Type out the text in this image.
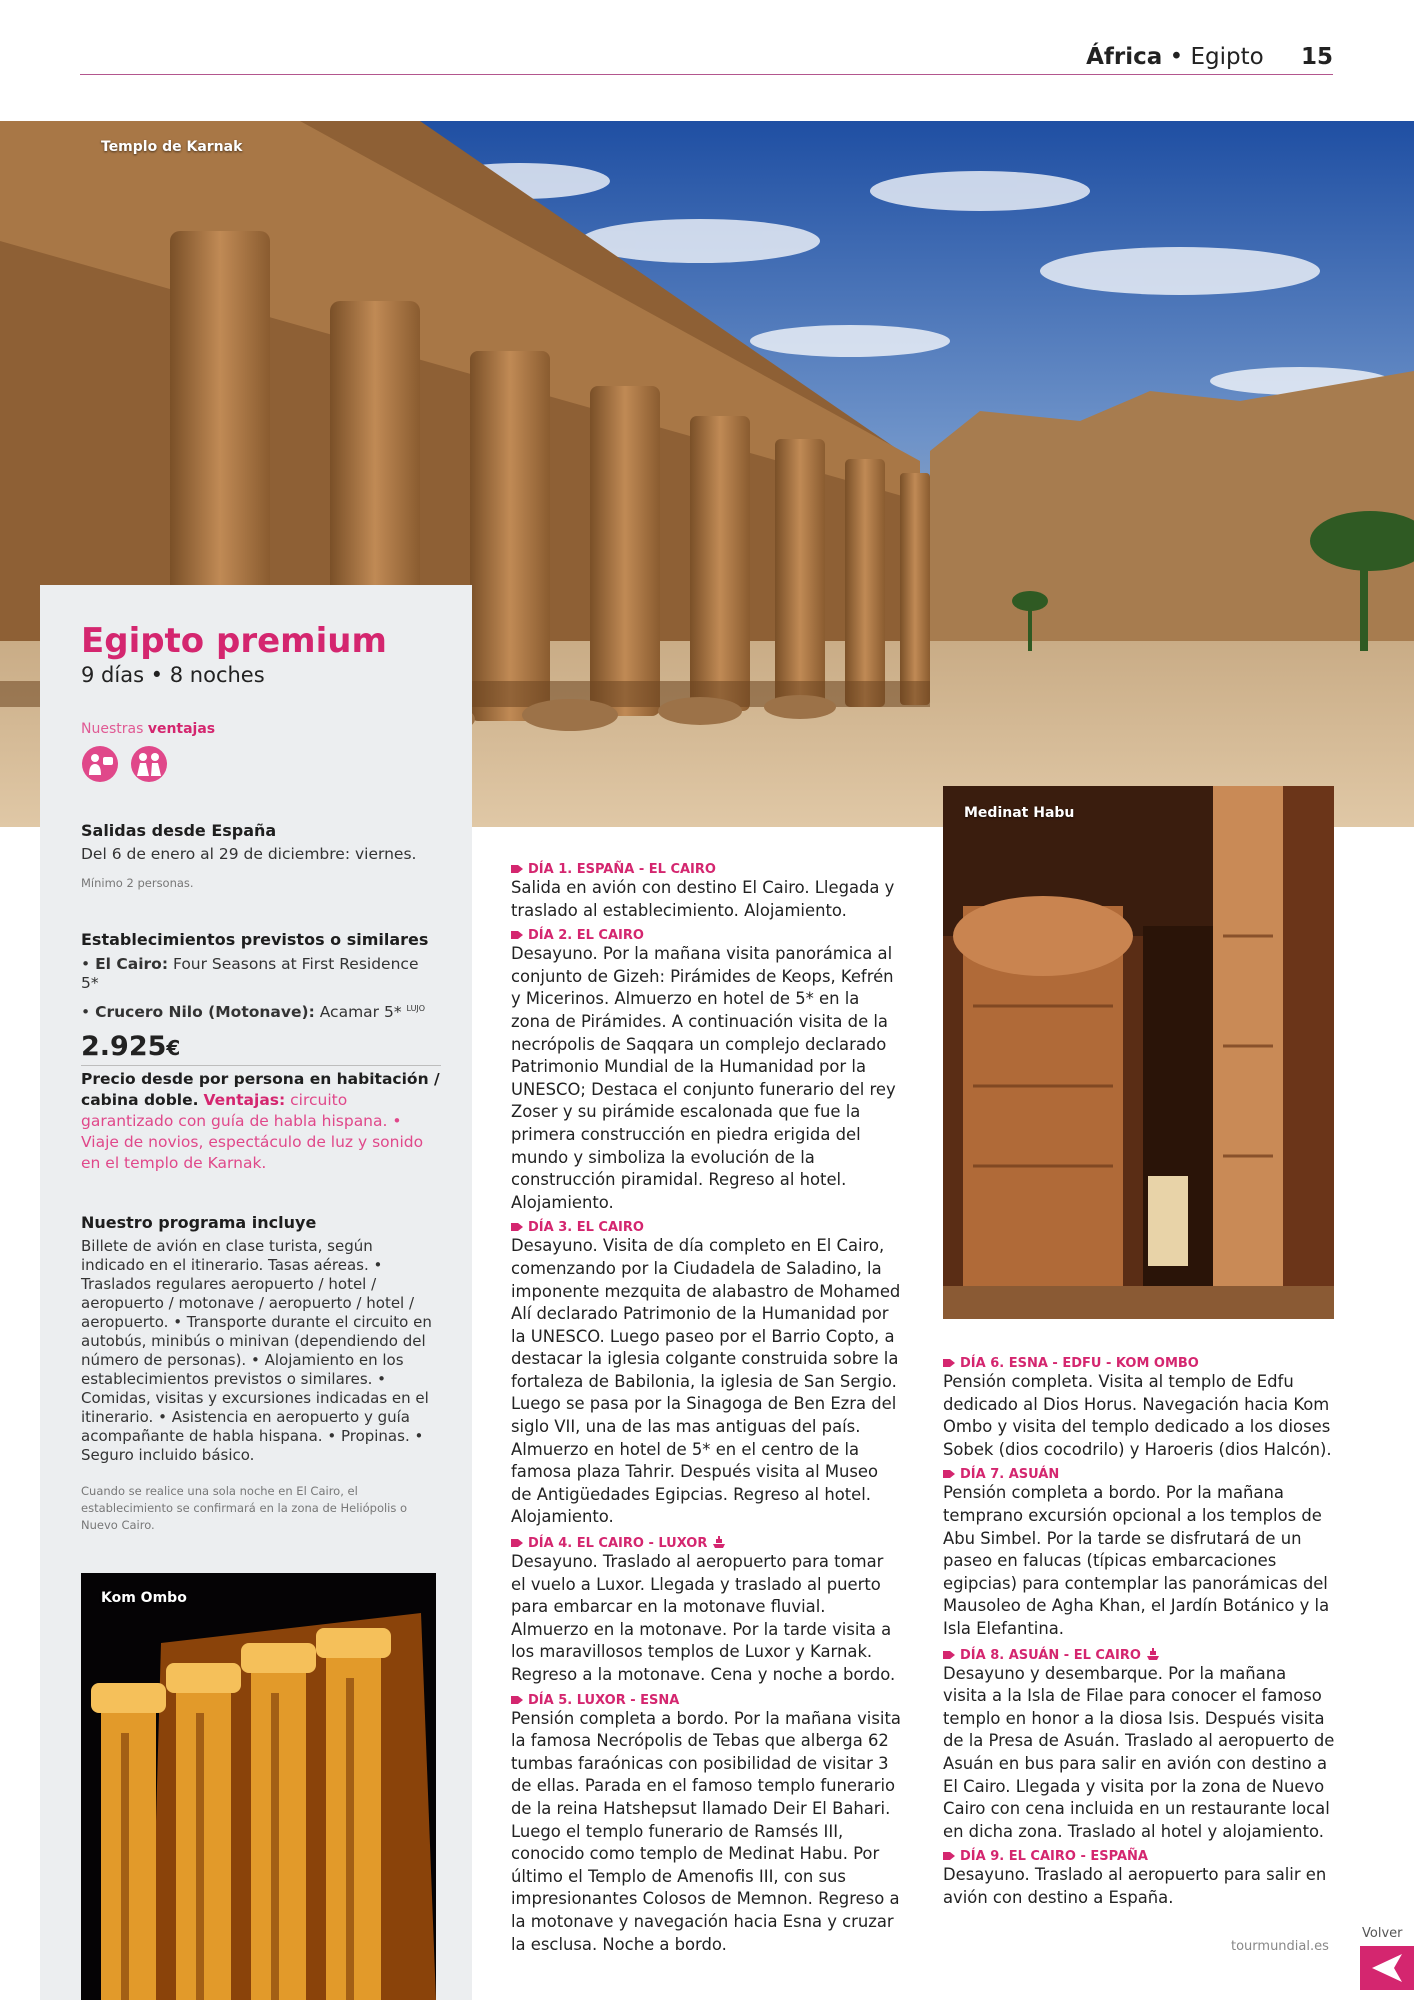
África • Egipto 15
Templo de Karnak
Egipto premium
9 días • 8 noches
Nuestras ventajas

Salidas desde España
Del 6 de enero al 29 de diciembre: viernes.
Mínimo 2 personas.
Establecimientos previstos o similares
• El Cairo: Four Seasons at First Residence 5*
• Crucero Nilo (Motonave): Acamar 5* $^{LUJO}$
2.925€
Precio desde por persona en habitación / cabina doble. Ventajas: circuito garantizado con guía de habla hispana. • Viaje de novios, espectáculo de luz y sonido en el templo de Karnak.
Nuestro programa incluye
Billete de avión en clase turista, según indicado en el itinerario. Tasas aéreas. • Traslados regulares aeropuerto / hotel / aeropuerto / motonave / aeropuerto / hotel / aeropuerto. • Transporte durante el circuito en autobús, minibús o minivan (dependiendo del número de personas). • Alojamiento en los establecimientos previstos o similares. • Comidas, visitas y excursiones indicadas en el itinerario. • Asistencia en aeropuerto y guía acompañante de habla hispana. • Propinas. • Seguro incluido básico.
Cuando se realice una sola noche en El Cairo, el establecimiento se confirmará en la zona de Heliópolis o Nuevo Cairo.
Kom Ombo
Medinat Habu
DÍA 1. ESPAÑA - EL CAIRO
Salida en avión con destino El Cairo. Llegada y traslado al establecimiento. Alojamiento.
DÍA 2. EL CAIRO
Desayuno. Por la mañana visita panorámica al conjunto de Gizeh: Pirámides de Keops, Kefrén y Micerinos. Almuerzo en hotel de 5* en la zona de Pirámides. A continuación visita de la necrópolis de Saqqara un complejo declarado Patrimonio Mundial de la Humanidad por la UNESCO; Destaca el conjunto funerario del rey Zoser y su pirámide escalonada que fue la primera construcción en piedra erigida del mundo y simboliza la evolución de la construcción piramidal. Regreso al hotel. Alojamiento.
DÍA 3. EL CAIRO
Desayuno. Visita de día completo en El Cairo, comenzando por la Ciudadela de Saladino, la imponente mezquita de alabastro de Mohamed Alí declarado Patrimonio de la Humanidad por la UNESCO. Luego paseo por el Barrio Copto, a destacar la iglesia colgante construida sobre la fortaleza de Babilonia, la iglesia de San Sergio. Luego se pasa por la Sinagoga de Ben Ezra del siglo VII, una de las mas antiguas del país. Almuerzo en hotel de 5* en el centro de la famosa plaza Tahrir. Después visita al Museo de Antigüedades Egipcias. Regreso al hotel. Alojamiento.
DÍA 4. EL CAIRO - LUXOR
Desayuno. Traslado al aeropuerto para tomar el vuelo a Luxor. Llegada y traslado al puerto para embarcar en la motonave fluvial. Almuerzo en la motonave. Por la tarde visita a los maravillosos templos de Luxor y Karnak. Regreso a la motonave. Cena y noche a bordo.
DÍA 5. LUXOR - ESNA
Pensión completa a bordo. Por la mañana visita la famosa Necrópolis de Tebas que alberga 62 tumbas faraónicas con posibilidad de visitar 3 de ellas. Parada en el famoso templo funerario de la reina Hatshepsut llamado Deir El Bahari. Luego el templo funerario de Ramsés III, conocido como templo de Medinat Habu. Por último el Templo de Amenofis III, con sus impresionantes Colosos de Memnon. Regreso a la motonave y navegación hacia Esna y cruzar la esclusa. Noche a bordo.
DÍA 6. ESNA - EDFU - KOM OMBO
Pensión completa. Visita al templo de Edfu dedicado al Dios Horus. Navegación hacia Kom Ombo y visita del templo dedicado a los dioses Sobek (dios cocodrilo) y Haroeris (dios Halcón).
DÍA 7. ASUÁN
Pensión completa a bordo. Por la mañana temprano excursión opcional a los templos de Abu Simbel. Por la tarde se disfrutará de un paseo en falucas (típicas embarcaciones egipcias) para contemplar las panorámicas del Mausoleo de Agha Khan, el Jardín Botánico y la Isla Elefantina.
DÍA 8. ASUÁN - EL CAIRO
Desayuno y desembarque. Por la mañana visita a la Isla de Filae para conocer el famoso templo en honor a la diosa Isis. Después visita de la Presa de Asuán. Traslado al aeropuerto de Asuán en bus para salir en avión con destino a El Cairo. Llegada y visita por la zona de Nuevo Cairo con cena incluida en un restaurante local en dicha zona. Traslado al hotel y alojamiento.
DÍA 9. EL CAIRO - ESPAÑA
Desayuno. Traslado al aeropuerto para salir en avión con destino a España.
tourmundial.es
Volver
